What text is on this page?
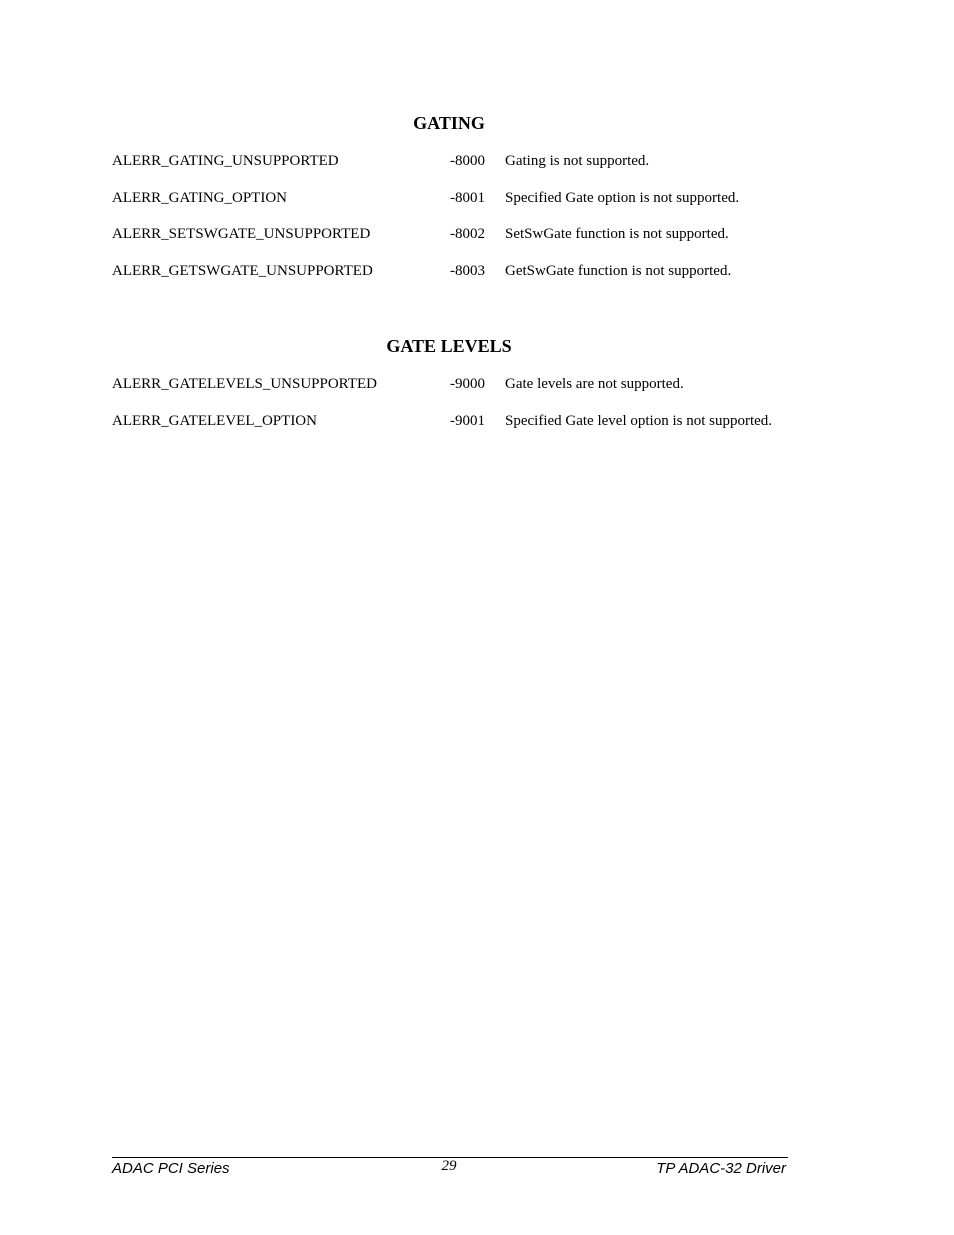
GATING
ALERR_GATING_UNSUPPORTED	-8000 Gating is not supported.
ALERR_GATING_OPTION	-8001 Specified Gate option is not supported.
ALERR_SETSWGATE_UNSUPPORTED	-8002 SetSwGate function is not supported.
ALERR_GETSWGATE_UNSUPPORTED	-8003 GetSwGate function is not supported.
GATE LEVELS
ALERR_GATELEVELS_UNSUPPORTED	-9000 Gate levels are not supported.
ALERR_GATELEVEL_OPTION	-9001 Specified Gate level option is not supported.
ADAC PCI Series	29	TP ADAC-32 Driver
